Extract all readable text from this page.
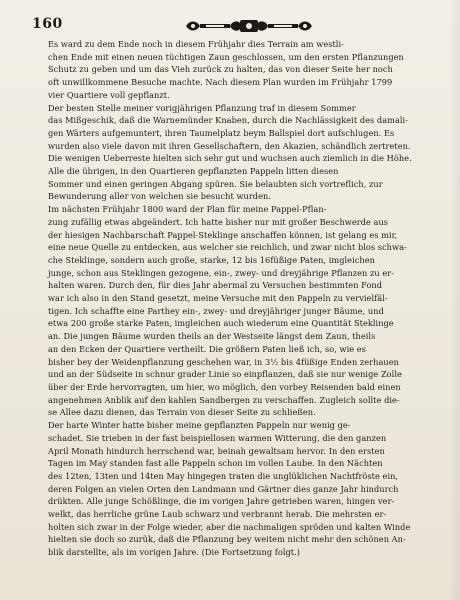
160
Es ward zu dem Ende noch in diesem Frühjahr dies Terrain am westli-
chen Ende mit einen neuen tüchtigen Zaun geschlossen, um den ersten Pflanzungen
Schutz zu geben und um das Vieh zurück zu halten, das von dieser Seite her noch
oft unwillkommene Besuche machte. Nach diesem Plan wurden im Frühjahr 1799
vier Quartiere voll gepflanzt.
Der besten Stelle meiner vorigjährigen Pflanzung traf in diesem Sommer
das Mißgeschik, daß die Warnemünder Knaben, durch die Nachlässigkeit des damali-
gen Wärters aufgemuntert, ihren Taumelplatz beym Ballspiel dort aufschlugen. Es
wurden also viele davon mit ihren Gesellschaftern, den Akazien, schändlich zertreten.
Die wenigen Ueberreste hielten sich sehr gut und wuchsen auch ziemlich in die Höhe.
Alle die übrigen, in den Quartieren gepflanzten Pappeln litten diesen
Sommer und einen geringen Abgang spüren. Sie belaubten sich vortreflich, zur
Bewunderung aller von welchen sie besucht wurden.
Im nächsten Frühjahr 1800 ward der Plan für meine Pappel-Pflan-
zung zufällig etwas abgeändert. Ich hatte bisher nur mit großer Beschwerde aus
der hiesigen Nachbarschaft Pappel-Steklinge anschaffen können, ist gelang es mir,
eine neue Quelle zu entdecken, aus welcher sie reichlich, und zwar nicht blos schwa-
che Steklinge, sondern auch große, starke, 12 bis 16füßige Paten, imgleichen
junge, schon aus Steklingen gezogene, ein-, zwey- und dreyjährige Pflanzen zu er-
halten waren. Durch den, für dies Jahr abermal zu Versuchen bestimmten Fond
war ich also in den Stand gesetzt, meine Versuche mit den Pappeln zu vervielfäl-
tigen. Ich schaffte eine Parthey ein-, zwey- und dreyjähriger junger Bäume, und
etwa 200 große starke Paten, imgleichen auch wiederum eine Quantität Steklinge
an. Die jungen Bäume wurden theils an der Westseite längst dem Zaun, theils
an den Ecken der Quartiere vertheilt. Die größern Paten ließ ich, so, wie es
bisher bey der Weidenpflanzung geschehen war, in 3½ bis 4füßige Enden zerhauen
und an der Südseite in schnur grader Linie so einpflanzen, daß sie nur wenige Zolle
über der Erde hervorragten, um hier, wo möglich, den vorbey Reisenden bald einen
angenehmen Anblik auf den kahlen Sandbergen zu verschaffen. Zugleich sollte die-
se Allee dazu dienen, das Terrain von dieser Seite zu schließen.
Der harte Winter hatte bisher meine gepflanzten Pappeln nur wenig ge-
schadet. Sie trieben in der fast beispiellosen warmen Witterung, die den ganzen
April Monath hindurch herrschend war, beinah gewaltsam hervor. In den ersten
Tagen im May standen fast alle Pappeln schon im vollen Laube. In den Nächten
des 12ten, 13ten und 14ten May hingegen traten die unglüklichen Nachtfröste ein,
deren Folgen an vielen Orten den Landmann und Gärtner dies ganze Jahr hindurch
drükten. Alle junge Schößlinge, die im vorigen Jahre getrieben waren, hingen ver-
welkt, das herrliche grüne Laub schwarz und verbrannt herab. Die mehrsten er-
holten sich zwar in der Folge wieder, aber die nachmaligen spröden und kalten Winde
hielten sie doch so zurük, daß die Pflanzung bey weitem nicht mehr den schönen An-
blik darstellte, als im vorigen Jahre. (Die Fortsetzung folgt.)
